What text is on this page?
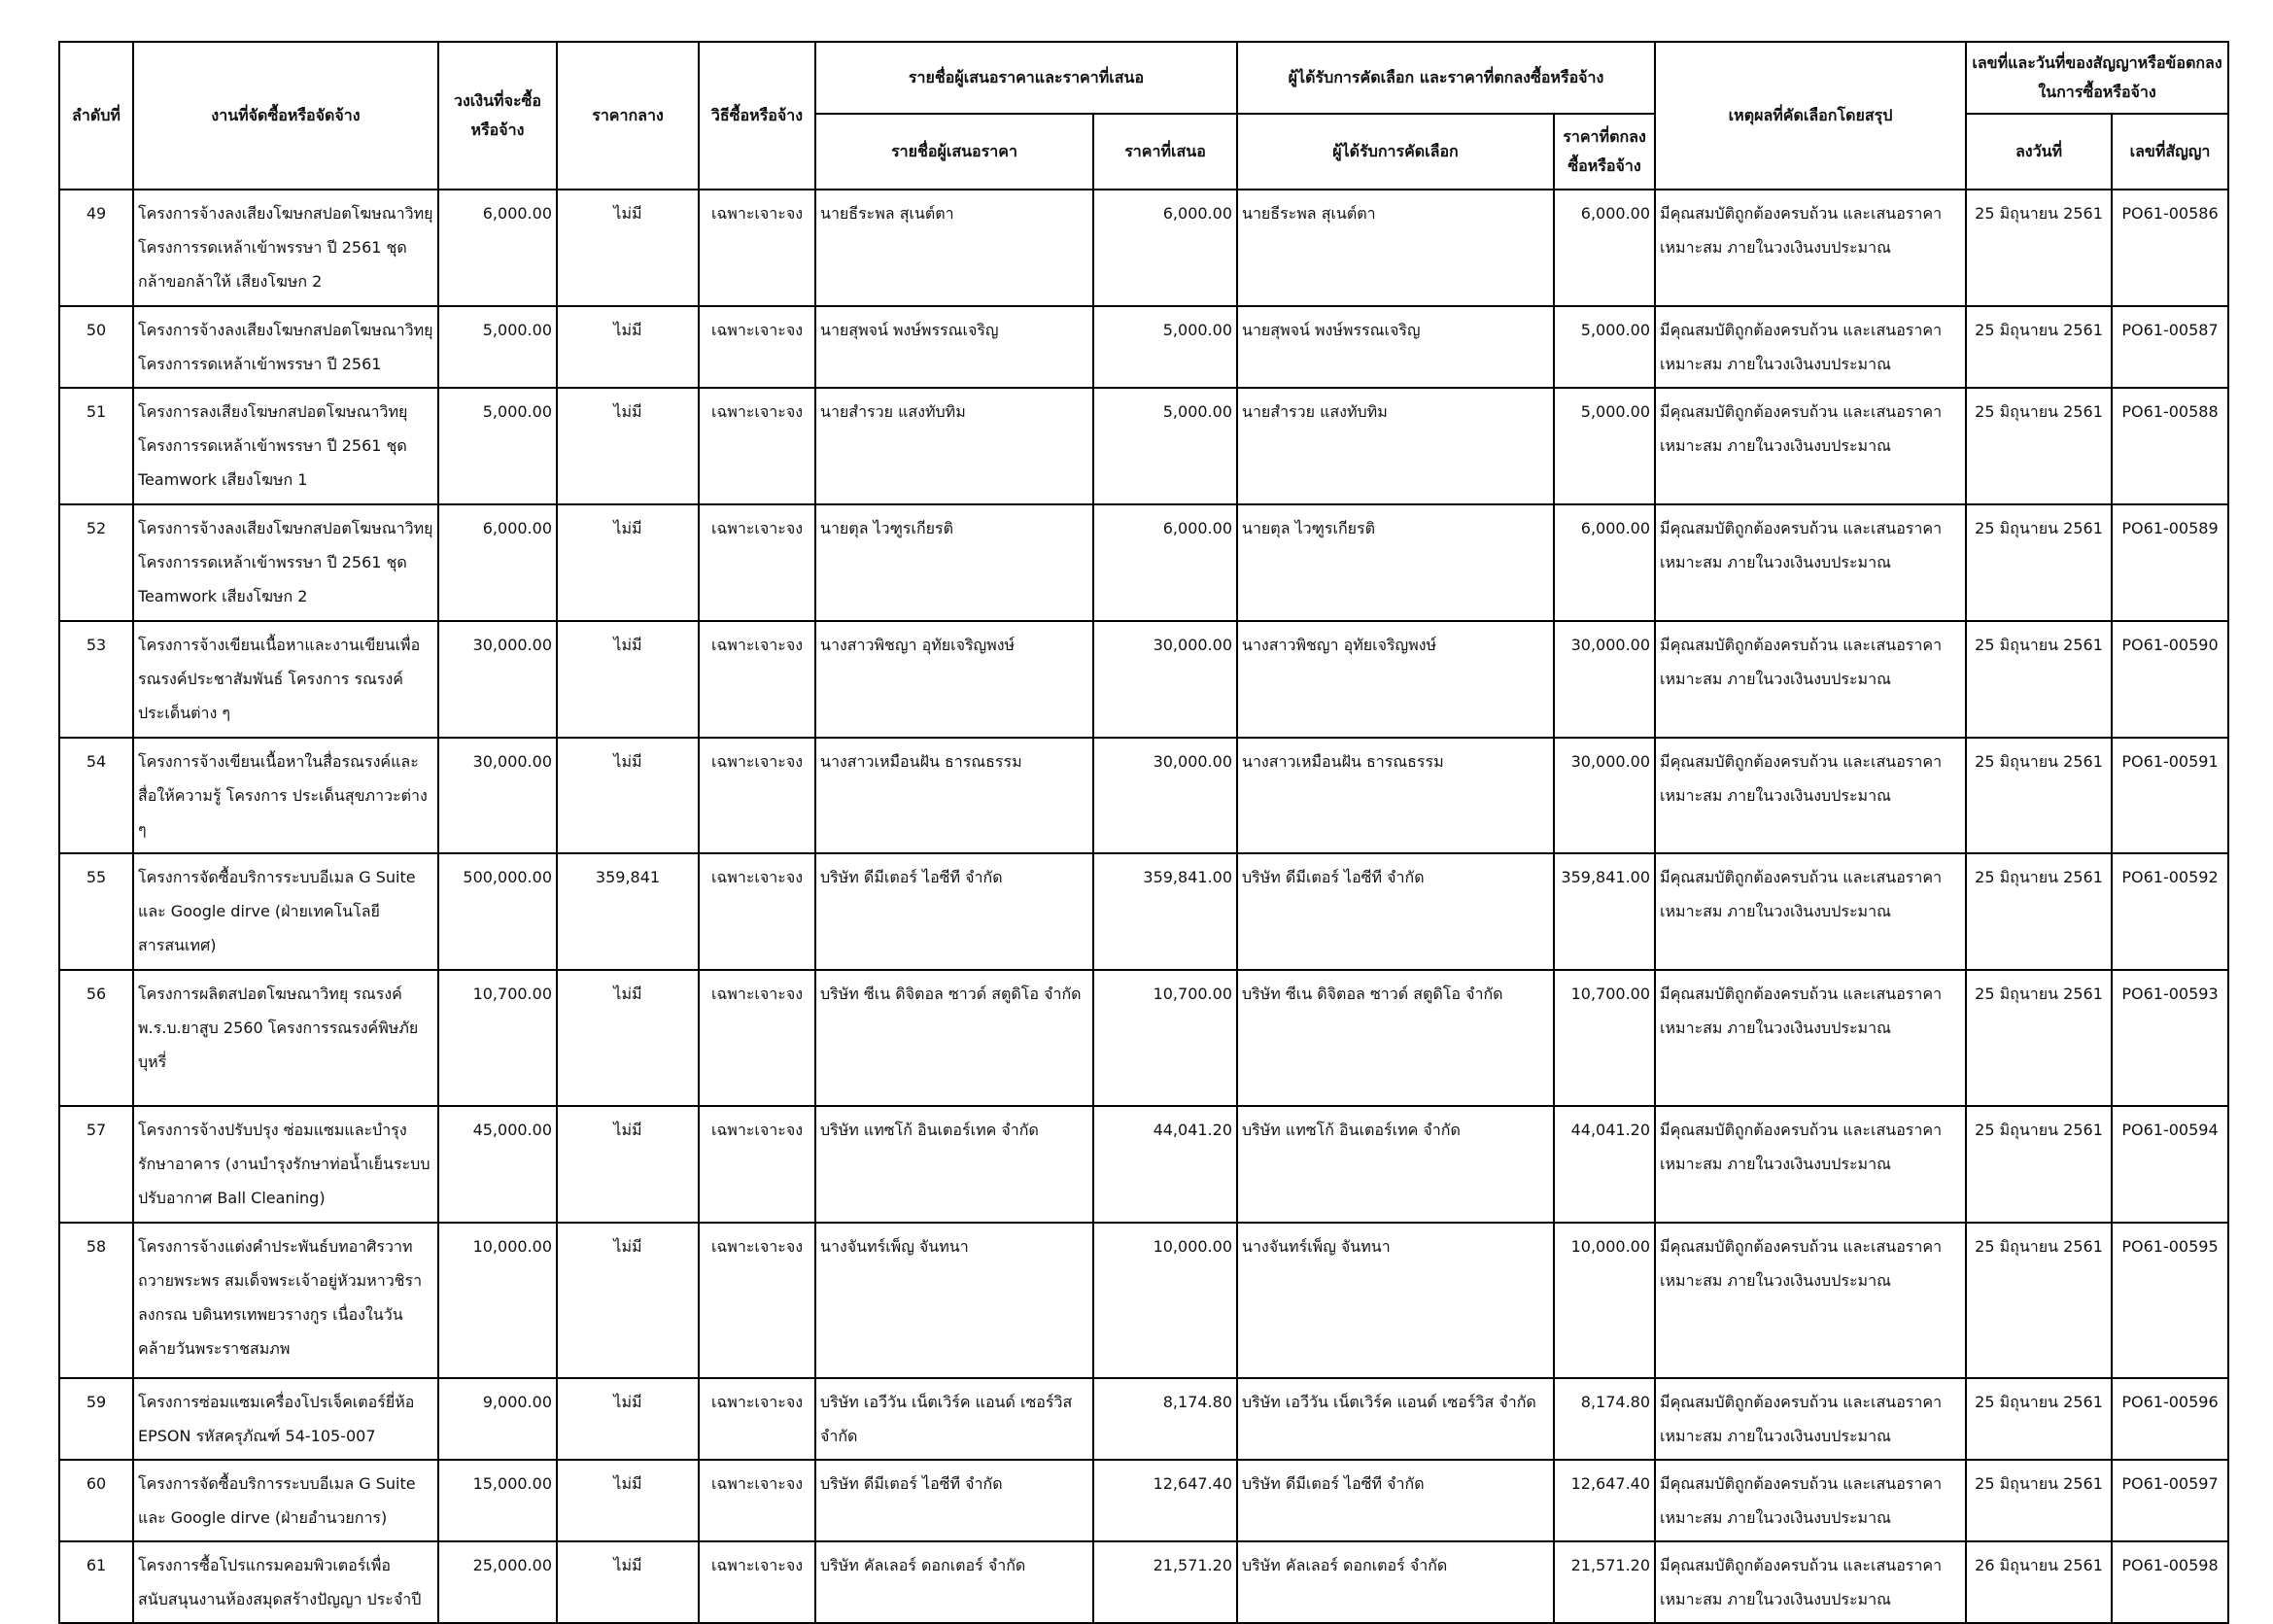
ลำดับที่	งานที่จัดซื้อหรือจัดจ้าง	วงเงินที่จะซื้อหรือจ้าง	ราคากลาง	วิธีซื้อหรือจ้าง	รายชื่อผู้เสนอราคาและราคาที่เสนอ		ผู้ได้รับการคัดเลือก และราคาที่ตกลงซื้อหรือจ้าง		เหตุผลที่คัดเลือกโดยสรุป	เลขที่และวันที่ของสัญญาหรือข้อตกลงในการซื้อหรือจ้าง	
					รายชื่อผู้เสนอราคา	ราคาที่เสนอ	ผู้ได้รับการคัดเลือก	ราคาที่ตกลงซื้อหรือจ้าง		ลงวันที่	เลขที่สัญญา
49	โครงการจ้างลงเสียงโฆษกสปอตโฆษณาวิทยุ โครงการรดเหล้าเข้าพรรษา ปี 2561 ชุดกล้าขอกล้าให้ เสียงโฆษก 2	6,000.00	ไม่มี	เฉพาะเจาะจง	นายธีระพล สุเนต์ตา	6,000.00	นายธีระพล สุเนต์ตา	6,000.00	มีคุณสมบัติถูกต้องครบถ้วน และเสนอราคาเหมาะสม ภายในวงเงินงบประมาณ	25 มิถุนายน 2561	PO61-00586
50	โครงการจ้างลงเสียงโฆษกสปอตโฆษณาวิทยุ โครงการรดเหล้าเข้าพรรษา ปี 2561	5,000.00	ไม่มี	เฉพาะเจาะจง	นายสุพจน์ พงษ์พรรณเจริญ	5,000.00	นายสุพจน์ พงษ์พรรณเจริญ	5,000.00	มีคุณสมบัติถูกต้องครบถ้วน และเสนอราคาเหมาะสม ภายในวงเงินงบประมาณ	25 มิถุนายน 2561	PO61-00587
51	โครงการลงเสียงโฆษกสปอตโฆษณาวิทยุ โครงการรดเหล้าเข้าพรรษา ปี 2561 ชุด Teamwork เสียงโฆษก 1	5,000.00	ไม่มี	เฉพาะเจาะจง	นายสำรวย แสงทับทิม	5,000.00	นายสำรวย แสงทับทิม	5,000.00	มีคุณสมบัติถูกต้องครบถ้วน และเสนอราคาเหมาะสม ภายในวงเงินงบประมาณ	25 มิถุนายน 2561	PO61-00588
52	โครงการจ้างลงเสียงโฆษกสปอตโฆษณาวิทยุ โครงการรดเหล้าเข้าพรรษา ปี 2561 ชุด Teamwork เสียงโฆษก 2	6,000.00	ไม่มี	เฉพาะเจาะจง	นายตุล ไวฑูรเกียรติ	6,000.00	นายตุล ไวฑูรเกียรติ	6,000.00	มีคุณสมบัติถูกต้องครบถ้วน และเสนอราคาเหมาะสม ภายในวงเงินงบประมาณ	25 มิถุนายน 2561	PO61-00589
53	โครงการจ้างเขียนเนื้อหาและงานเขียนเพื่อรณรงค์ประชาสัมพันธ์ โครงการ รณรงค์ประเด็นต่าง ๆ	30,000.00	ไม่มี	เฉพาะเจาะจง	นางสาวพิชญา อุทัยเจริญพงษ์	30,000.00	นางสาวพิชญา อุทัยเจริญพงษ์	30,000.00	มีคุณสมบัติถูกต้องครบถ้วน และเสนอราคาเหมาะสม ภายในวงเงินงบประมาณ	25 มิถุนายน 2561	PO61-00590
54	โครงการจ้างเขียนเนื้อหาในสื่อรณรงค์และสื่อให้ความรู้ โครงการ ประเด็นสุขภาวะต่าง ๆ	30,000.00	ไม่มี	เฉพาะเจาะจง	นางสาวเหมือนฝัน ธารณธรรม	30,000.00	นางสาวเหมือนฝัน ธารณธรรม	30,000.00	มีคุณสมบัติถูกต้องครบถ้วน และเสนอราคาเหมาะสม ภายในวงเงินงบประมาณ	25 มิถุนายน 2561	PO61-00591
55	โครงการจัดซื้อบริการระบบอีเมล G Suite และ Google dirve (ฝ่ายเทคโนโลยีสารสนเทศ)	500,000.00	359,841	เฉพาะเจาะจง	บริษัท ดีมีเตอร์ ไอซีที จำกัด	359,841.00	บริษัท ดีมีเตอร์ ไอซีที จำกัด	359,841.00	มีคุณสมบัติถูกต้องครบถ้วน และเสนอราคาเหมาะสม ภายในวงเงินงบประมาณ	25 มิถุนายน 2561	PO61-00592
56	โครงการผลิตสปอตโฆษณาวิทยุ รณรงค์ พ.ร.บ.ยาสูบ 2560 โครงการรณรงค์พิษภัยบุหรี่	10,700.00	ไม่มี	เฉพาะเจาะจง	บริษัท ซีเน ดิจิตอล ซาวด์ สตูดิโอ จำกัด	10,700.00	บริษัท ซีเน ดิจิตอล ซาวด์ สตูดิโอ จำกัด	10,700.00	มีคุณสมบัติถูกต้องครบถ้วน และเสนอราคาเหมาะสม ภายในวงเงินงบประมาณ	25 มิถุนายน 2561	PO61-00593
57	โครงการจ้างปรับปรุง ซ่อมแซมและบำรุงรักษาอาคาร (งานบำรุงรักษาท่อน้ำเย็นระบบปรับอากาศ Ball Cleaning)	45,000.00	ไม่มี	เฉพาะเจาะจง	บริษัท แทซโก้ อินเตอร์เทค จำกัด	44,041.20	บริษัท แทซโก้ อินเตอร์เทค จำกัด	44,041.20	มีคุณสมบัติถูกต้องครบถ้วน และเสนอราคาเหมาะสม ภายในวงเงินงบประมาณ	25 มิถุนายน 2561	PO61-00594
58	โครงการจ้างแต่งคำประพันธ์บทอาศิรวาทถวายพระพร สมเด็จพระเจ้าอยู่หัวมหาวชิราลงกรณ บดินทรเทพยวรางกูร เนื่องในวันคล้ายวันพระราชสมภพ	10,000.00	ไม่มี	เฉพาะเจาะจง	นางจันทร์เพ็ญ จันทนา	10,000.00	นางจันทร์เพ็ญ จันทนา	10,000.00	มีคุณสมบัติถูกต้องครบถ้วน และเสนอราคาเหมาะสม ภายในวงเงินงบประมาณ	25 มิถุนายน 2561	PO61-00595
59	โครงการซ่อมแซมเครื่องโปรเจ็คเตอร์ยี่ห้อ EPSON รหัสครุภัณฑ์ 54-105-007	9,000.00	ไม่มี	เฉพาะเจาะจง	บริษัท เอวีวัน เน็ตเวิร์ค แอนด์ เซอร์วิส จำกัด	8,174.80	บริษัท เอวีวัน เน็ตเวิร์ค แอนด์ เซอร์วิส จำกัด	8,174.80	มีคุณสมบัติถูกต้องครบถ้วน และเสนอราคาเหมาะสม ภายในวงเงินงบประมาณ	25 มิถุนายน 2561	PO61-00596
60	โครงการจัดซื้อบริการระบบอีเมล G Suite และ Google dirve (ฝ่ายอำนวยการ)	15,000.00	ไม่มี	เฉพาะเจาะจง	บริษัท ดีมีเตอร์ ไอซีที จำกัด	12,647.40	บริษัท ดีมีเตอร์ ไอซีที จำกัด	12,647.40	มีคุณสมบัติถูกต้องครบถ้วน และเสนอราคาเหมาะสม ภายในวงเงินงบประมาณ	25 มิถุนายน 2561	PO61-00597
61	โครงการซื้อโปรแกรมคอมพิวเตอร์เพื่อสนับสนุนงานห้องสมุดสร้างปัญญา ประจำปี	25,000.00	ไม่มี	เฉพาะเจาะจง	บริษัท คัลเลอร์ ดอกเตอร์ จำกัด	21,571.20	บริษัท คัลเลอร์ ดอกเตอร์ จำกัด	21,571.20	มีคุณสมบัติถูกต้องครบถ้วน และเสนอราคาเหมาะสม ภายในวงเงินงบประมาณ	26 มิถุนายน 2561	PO61-00598
